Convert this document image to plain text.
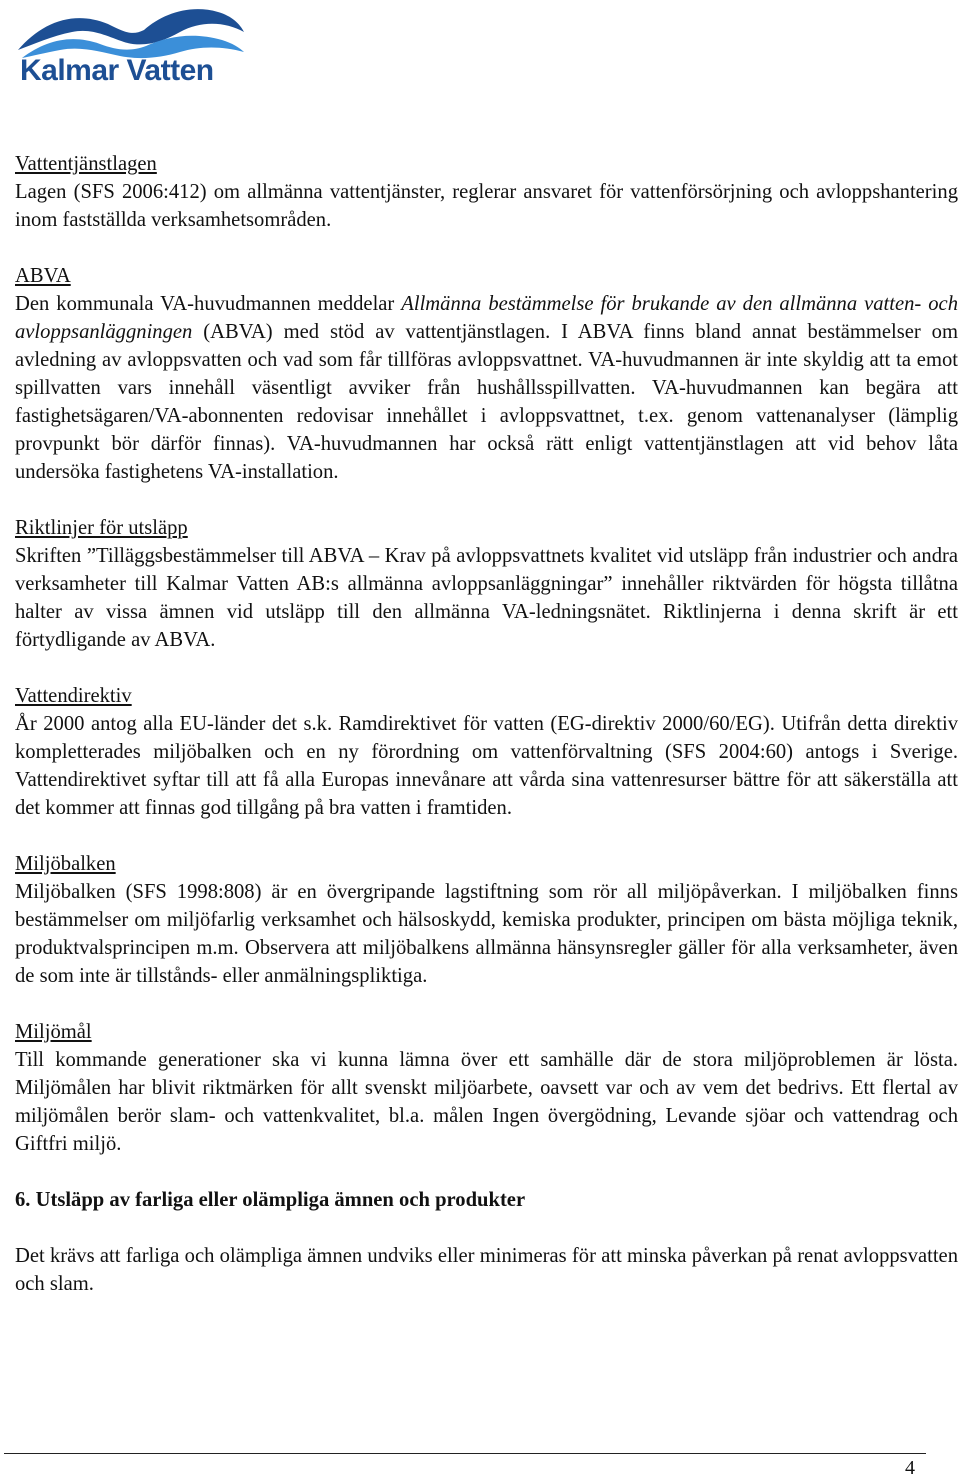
Kalmar Vatten
Vattentjänstlagen

Lagen (SFS 2006:412) om allmänna vattentjänster, reglerar ansvaret för vattenförsörjning och avloppshantering inom fastställda verksamhetsområden.

ABVA

Den kommunala VA-huvudmannen meddelar Allmänna bestämmelse för brukande av den allmänna vatten- och avloppsanläggningen (ABVA) med stöd av vattentjänstlagen. I ABVA finns bland annat bestämmelser om avledning av avloppsvatten och vad som får tillföras avloppsvattnet. VA-huvudmannen är inte skyldig att ta emot spillvatten vars innehåll väsentligt avviker från hushållsspillvatten. VA-huvudmannen kan begära att fastighetsägaren/VA-abonnenten redovisar innehållet i avloppsvattnet, t.ex. genom vattenanalyser (lämplig provpunkt bör därför finnas). VA-huvudmannen har också rätt enligt vattentjänstlagen att vid behov låta undersöka fastighetens VA-installation.

Riktlinjer för utsläpp

Skriften ”Tilläggsbestämmelser till ABVA – Krav på avloppsvattnets kvalitet vid utsläpp från industrier och andra verksamheter till Kalmar Vatten AB:s allmänna avloppsanläggningar” innehåller riktvärden för högsta tillåtna halter av vissa ämnen vid utsläpp till den allmänna VA-ledningsnätet. Riktlinjerna i denna skrift är ett förtydligande av ABVA.

Vattendirektiv

År 2000 antog alla EU-länder det s.k. Ramdirektivet för vatten (EG-direktiv 2000/60/EG). Utifrån detta direktiv kompletterades miljöbalken och en ny förordning om vattenförvaltning (SFS 2004:60) antogs i Sverige. Vattendirektivet syftar till att få alla Europas innevånare att vårda sina vattenresurser bättre för att säkerställa att det kommer att finnas god tillgång på bra vatten i framtiden.

Miljöbalken

Miljöbalken (SFS 1998:808) är en övergripande lagstiftning som rör all miljöpåverkan. I miljöbalken finns bestämmelser om miljöfarlig verksamhet och hälsoskydd, kemiska produkter, principen om bästa möjliga teknik, produktvalsprincipen m.m. Observera att miljöbalkens allmänna hänsynsregler gäller för alla verksamheter, även de som inte är tillstånds- eller anmälningspliktiga.

Miljömål

Till kommande generationer ska vi kunna lämna över ett samhälle där de stora miljöproblemen är lösta. Miljömålen har blivit riktmärken för allt svenskt miljöarbete, oavsett var och av vem det bedrivs. Ett flertal av miljömålen berör slam- och vattenkvalitet, bl.a. målen Ingen övergödning, Levande sjöar och vattendrag och Giftfri miljö.

6. Utsläpp av farliga eller olämpliga ämnen och produkter

Det krävs att farliga och olämpliga ämnen undviks eller minimeras för att minska påverkan på renat avloppsvatten och slam.

4
